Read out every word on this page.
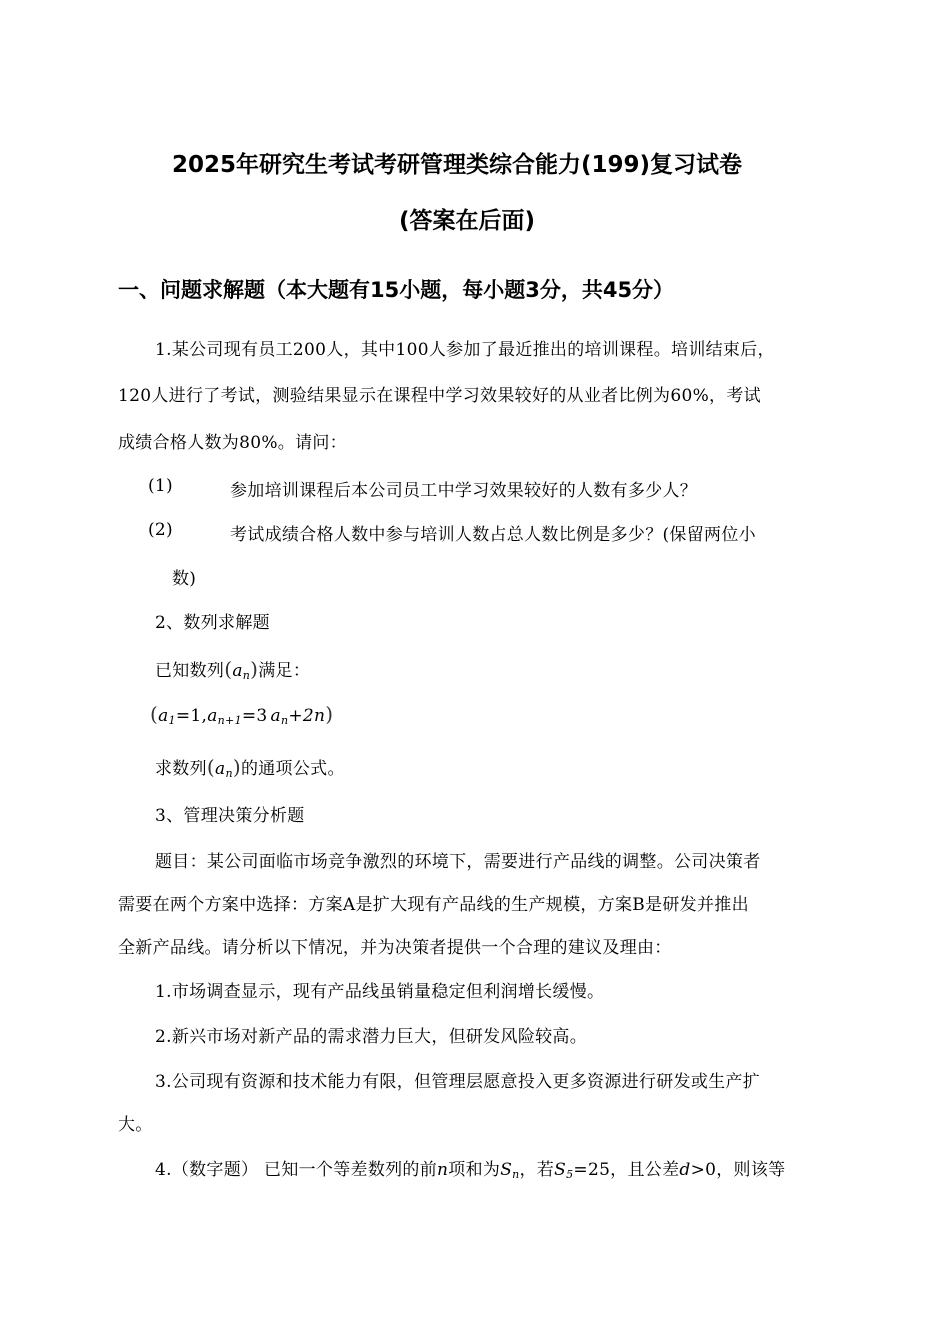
2025年研究生考试考研管理类综合能力(199)复习试卷
(答案在后面)
一、问题求解题（本大题有15小题，每小题3分，共45分）
1.某公司现有员工200人，其中100人参加了最近推出的培训课程。培训结束后，
120人进行了考试，测验结果显示在课程中学习效果较好的从业者比例为60%，考试
成绩合格人数为80%。请问：
(1)	参加培训课程后本公司员工中学习效果较好的人数有多少人？
(2)	考试成绩合格人数中参与培训人数占总人数比例是多少？(保留两位小
数)
2、数列求解题
已知数列$(a_n)$满足：
($a_1=1,a_{n+1}=3$ $a_n+2n$)
求数列$(a_n)$的通项公式。
3、管理决策分析题
题目：某公司面临市场竞争激烈的环境下，需要进行产品线的调整。公司决策者
需要在两个方案中选择：方案A是扩大现有产品线的生产规模，方案B是研发并推出
全新产品线。请分析以下情况，并为决策者提供一个合理的建议及理由：
1.市场调查显示，现有产品线虽销量稳定但利润增长缓慢。
2.新兴市场对新产品的需求潜力巨大，但研发风险较高。
3.公司现有资源和技术能力有限，但管理层愿意投入更多资源进行研发或生产扩
大。
4.（数字题） 已知一个等差数列的前n项和为$S_n$，若$S_5=25$，且公差d>0，则该等
